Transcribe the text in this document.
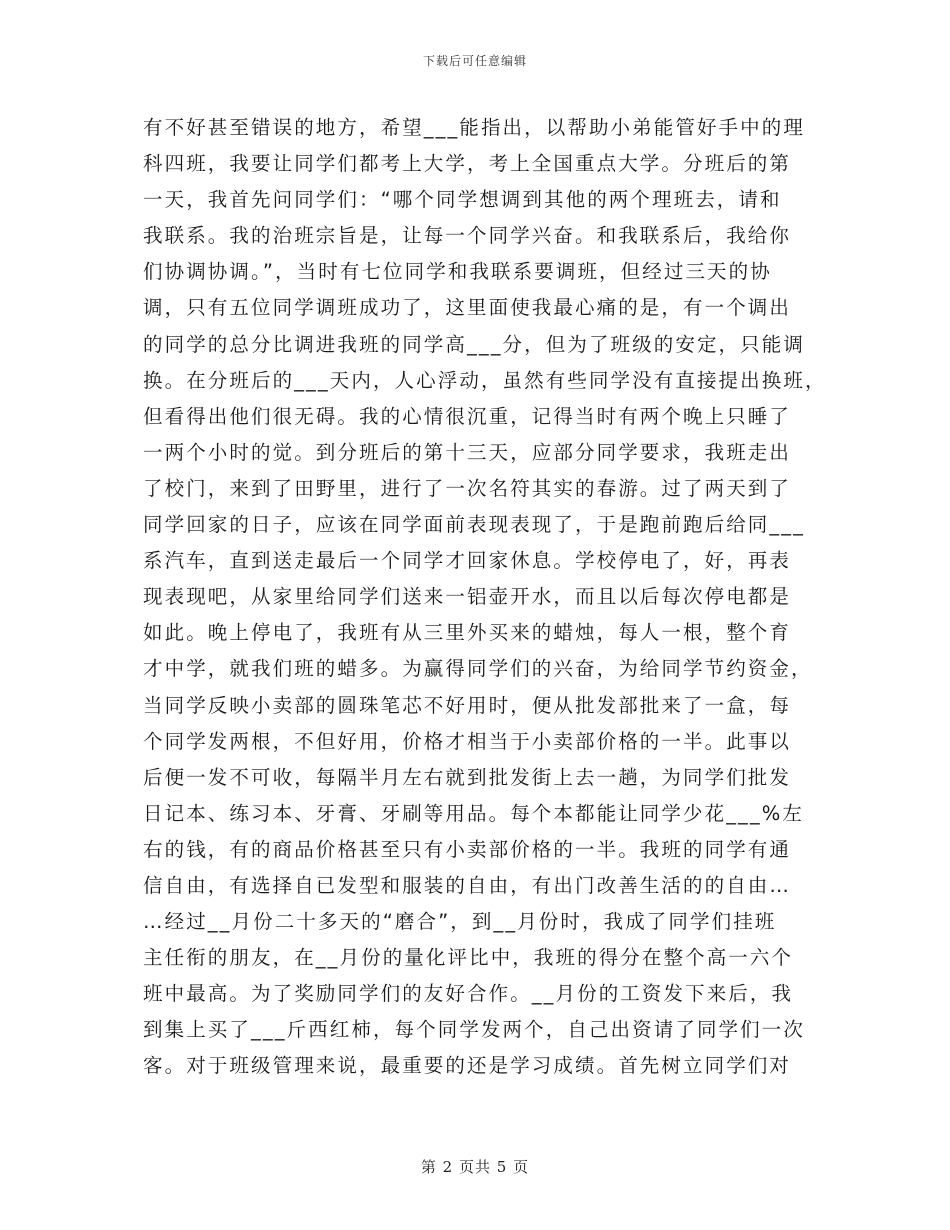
下载后可任意编辑
有不好甚至错误的地方，希望___能指出，以帮助小弟能管好手中的理
科四班，我要让同学们都考上大学，考上全国重点大学。分班后的第
一天，我首先问同学们：“哪个同学想调到其他的两个理班去，请和
我联系。我的治班宗旨是，让每一个同学兴奋。和我联系后，我给你
们协调协调。”，当时有七位同学和我联系要调班，但经过三天的协
调，只有五位同学调班成功了，这里面使我最心痛的是，有一个调出
的同学的总分比调进我班的同学高___分，但为了班级的安定，只能调
换。在分班后的___天内，人心浮动，虽然有些同学没有直接提出换班，
但看得出他们很无碍。我的心情很沉重，记得当时有两个晚上只睡了
一两个小时的觉。到分班后的第十三天，应部分同学要求，我班走出
了校门，来到了田野里，进行了一次名符其实的春游。过了两天到了
同学回家的日子，应该在同学面前表现表现了，于是跑前跑后给同___
系汽车，直到送走最后一个同学才回家休息。学校停电了，好，再表
现表现吧，从家里给同学们送来一铝壶开水，而且以后每次停电都是
如此。晚上停电了，我班有从三里外买来的蜡烛，每人一根，整个育
才中学，就我们班的蜡多。为赢得同学们的兴奋，为给同学节约资金，
当同学反映小卖部的圆珠笔芯不好用时，便从批发部批来了一盒，每
个同学发两根，不但好用，价格才相当于小卖部价格的一半。此事以
后便一发不可收，每隔半月左右就到批发街上去一趟，为同学们批发
日记本、练习本、牙膏、牙刷等用品。每个本都能让同学少花___%左
右的钱，有的商品价格甚至只有小卖部价格的一半。我班的同学有通
信自由，有选择自已发型和服装的自由，有出门改善生活的的自由…
…经过__月份二十多天的“磨合”，到__月份时，我成了同学们挂班
主任衔的朋友，在__月份的量化评比中，我班的得分在整个高一六个
班中最高。为了奖励同学们的友好合作。__月份的工资发下来后，我
到集上买了___斤西红柿，每个同学发两个，自己出资请了同学们一次
客。对于班级管理来说，最重要的还是学习成绩。首先树立同学们对
第 2 页共 5 页
